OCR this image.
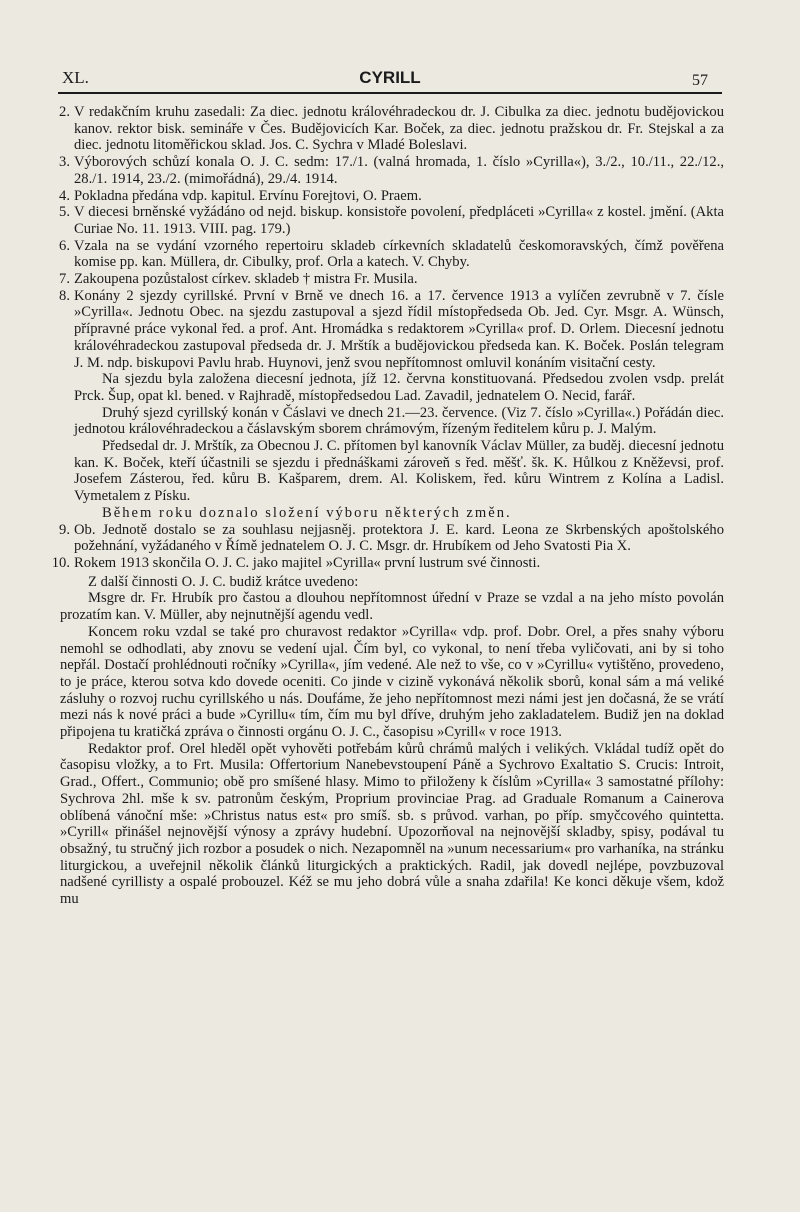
XL.	CYRILL	57
2. V redakčním kruhu zasedali: Za diec. jednotu královéhradeckou dr. J. Cibulka za diec. jednotu budějovickou kanov. rektor bisk. semináře v Čes. Budějovicích Kar. Boček, za diec. jednotu pražskou dr. Fr. Stejskal a za diec. jednotu litoměřickou sklad. Jos. C. Sychra v Mladé Boleslavi.
3. Výborových schůzí konala O. J. C. sedm: 17./1. (valná hromada, 1. číslo »Cyrilla«), 3./2., 10./11., 22./12., 28./1. 1914, 23./2. (mimořádná), 29./4. 1914.
4. Pokladna předána vdp. kapitul. Ervínu Forejtovi, O. Praem.
5. V diecesi brněnské vyžádáno od nejd. biskup. konsistoře povolení, předpláceti »Cyrilla« z kostel. jmění. (Akta Curiae No. 11. 1913. VIII. pag. 179.)
6. Vzala na se vydání vzorného repertoiru skladeb církevních skladatelů českomoravských, čímž pověřena komise pp. kan. Müllera, dr. Cibulky, prof. Orla a katech. V. Chyby.
7. Zakoupena pozůstalost církev. skladeb † mistra Fr. Musila.
8. Konány 2 sjezdy cyrillské. První v Brně ve dnech 16. a 17. července 1913 a vylíčen zevrubně v 7. čísle »Cyrilla«. Jednotu Obec. na sjezdu zastupoval a sjezd řídil místopředseda Ob. Jed. Cyr. Msgr. A. Wünsch, přípravné práce vykonal řed. a prof. Ant. Hromádka s redaktorem »Cyrilla« prof. D. Orlem. Diecesní jednotu královéhradeckou zastupoval předseda dr. J. Mrštík a budějovickou předseda kan. K. Boček. Poslán telegram J. M. ndp. biskupovi Pavlu hrab. Huynovi, jenž svou nepřítomnost omluvil konáním visitační cesty.

Na sjezdu byla založena diecesní jednota, jíž 12. června konstituovaná. Předsedou zvolen vsdp. prelát Prck. Šup, opat kl. bened. v Rajhradě, místopředsedou Lad. Zavadil, jednatelem O. Necid, farář.

Druhý sjezd cyrillský konán v Čáslavi ve dnech 21.—23. července. (Viz 7. číslo »Cyrilla«.) Pořádán diec. jednotou královéhradeckou a čáslavským sborem chrámovým, řízeným ředitelem kůru p. J. Malým.

Předsedal dr. J. Mrštík, za Obecnou J. C. přítomen byl kanovník Václav Müller, za buděj. diecesní jednotu kan. K. Boček, kteří účastnili se sjezdu i přednáškami zároveň s řed. měšť. šk. K. Hůlkou z Kněževsi, prof. Josefem Zásterou, řed. kůru B. Kašparem, drem. Al. Koliskem, řed. kůru Wintrem z Kolína a Ladisl. Vymetalem z Písku.

Během roku doznalo složení výboru některých změn.

9. Ob. Jednotě dostalo se za souhlasu nejjasněj. protektora J. E. kard. Leona ze Skrbenských apoštolského požehnání, vyžádaného v Římě jednatelem O. J. C. Msgr. dr. Hrubíkem od Jeho Svatosti Pia X.
10. Rokem 1913 skončila O. J. C. jako majitel »Cyrilla« první lustrum své činnosti.

Z další činnosti O. J. C. budiž krátce uvedeno:

Msgre dr. Fr. Hrubík pro častou a dlouhou nepřítomnost úřední v Praze se vzdal a na jeho místo povolán prozatím kan. V. Müller, aby nejnutnější agendu vedl.

Koncem roku vzdal se také pro churavost redaktor »Cyrilla« vdp. prof. Dobr. Orel, a přes snahy výboru nemohl se odhodlati, aby znovu se vedení ujal. Čím byl, co vykonal, to není třeba vyličovati, ani by si toho nepřál. Dostačí prohlédnouti ročníky »Cyrilla«, jím vedené. Ale než to vše, co v »Cyrillu« vytištěno, provedeno, to je práce, kterou sotva kdo dovede oceniti. Co jinde v cizině vykonává několik sborů, konal sám a má veliké zásluhy o rozvoj ruchu cyrillského u nás. Doufáme, že jeho nepřítomnost mezi námi jest jen dočasná, že se vrátí mezi nás k nové práci a bude »Cyrillu« tím, čím mu byl dříve, druhým jeho zakladatelem. Budiž jen na doklad připojena tu kratičká zpráva o činnosti orgánu O. J. C., časopisu »Cyrill« v roce 1913.

Redaktor prof. Orel hleděl opět vyhověti potřebám kůrů chrámů malých i velikých. Vkládal tudíž opět do časopisu vložky, a to Frt. Musila: Offertorium Nanebevstoupení Páně a Sychrovo Exaltatio S. Crucis: Introit, Grad., Offert., Communio; obě pro smíšené hlasy. Mimo to přiloženy k číslům »Cyrilla« 3 samostatné přílohy: Sychrova 2hl. mše k sv. patronům českým, Proprium provinciae Prag. ad Graduale Romanum a Cainerova oblíbená vánoční mše: »Christus natus est« pro smíš. sb. s průvod. varhan, po příp. smyčcového quintetta. »Cyrill« přinášel nejnovější výnosy a zprávy hudební. Upozorňoval na nejnovější skladby, spisy, podával tu obsažný, tu stručný jich rozbor a posudek o nich. Nezapomněl na »unum necessarium« pro varhaníka, na stránku liturgickou, a uveřejnil několik článků liturgických a praktických. Radil, jak dovedl nejlépe, povzbuzoval nadšené cyrillisty a ospalé probouzel. Kéž se mu jeho dobrá vůle a snaha zdařila! Ke konci děkuje všem, kdož mu
